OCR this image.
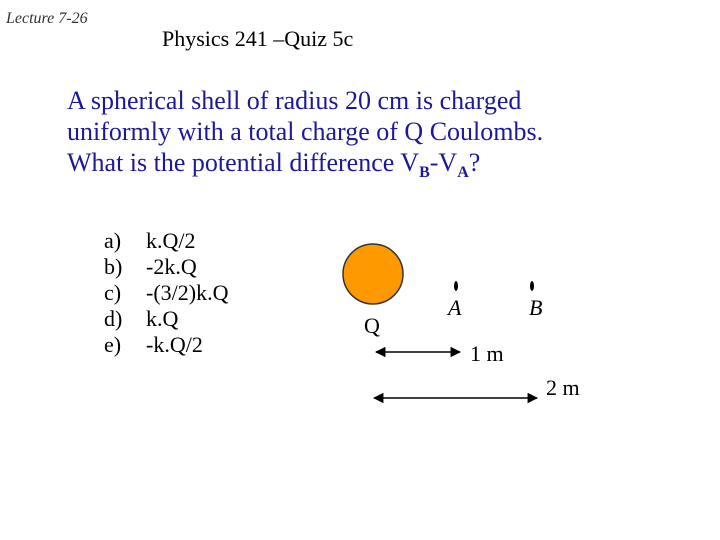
Lecture 7-26
Physics 241 –Quiz 5c
A spherical shell of radius 20 cm is charged
uniformly with a total charge of Q Coulombs.
What is the potential difference $V_B-V_A$?
a)	k.Q/2
b)	-2k.Q
c)	-(3/2)k.Q
d)	k.Q
e)	-k.Q/2
Q
A	B
1 m
2 m
